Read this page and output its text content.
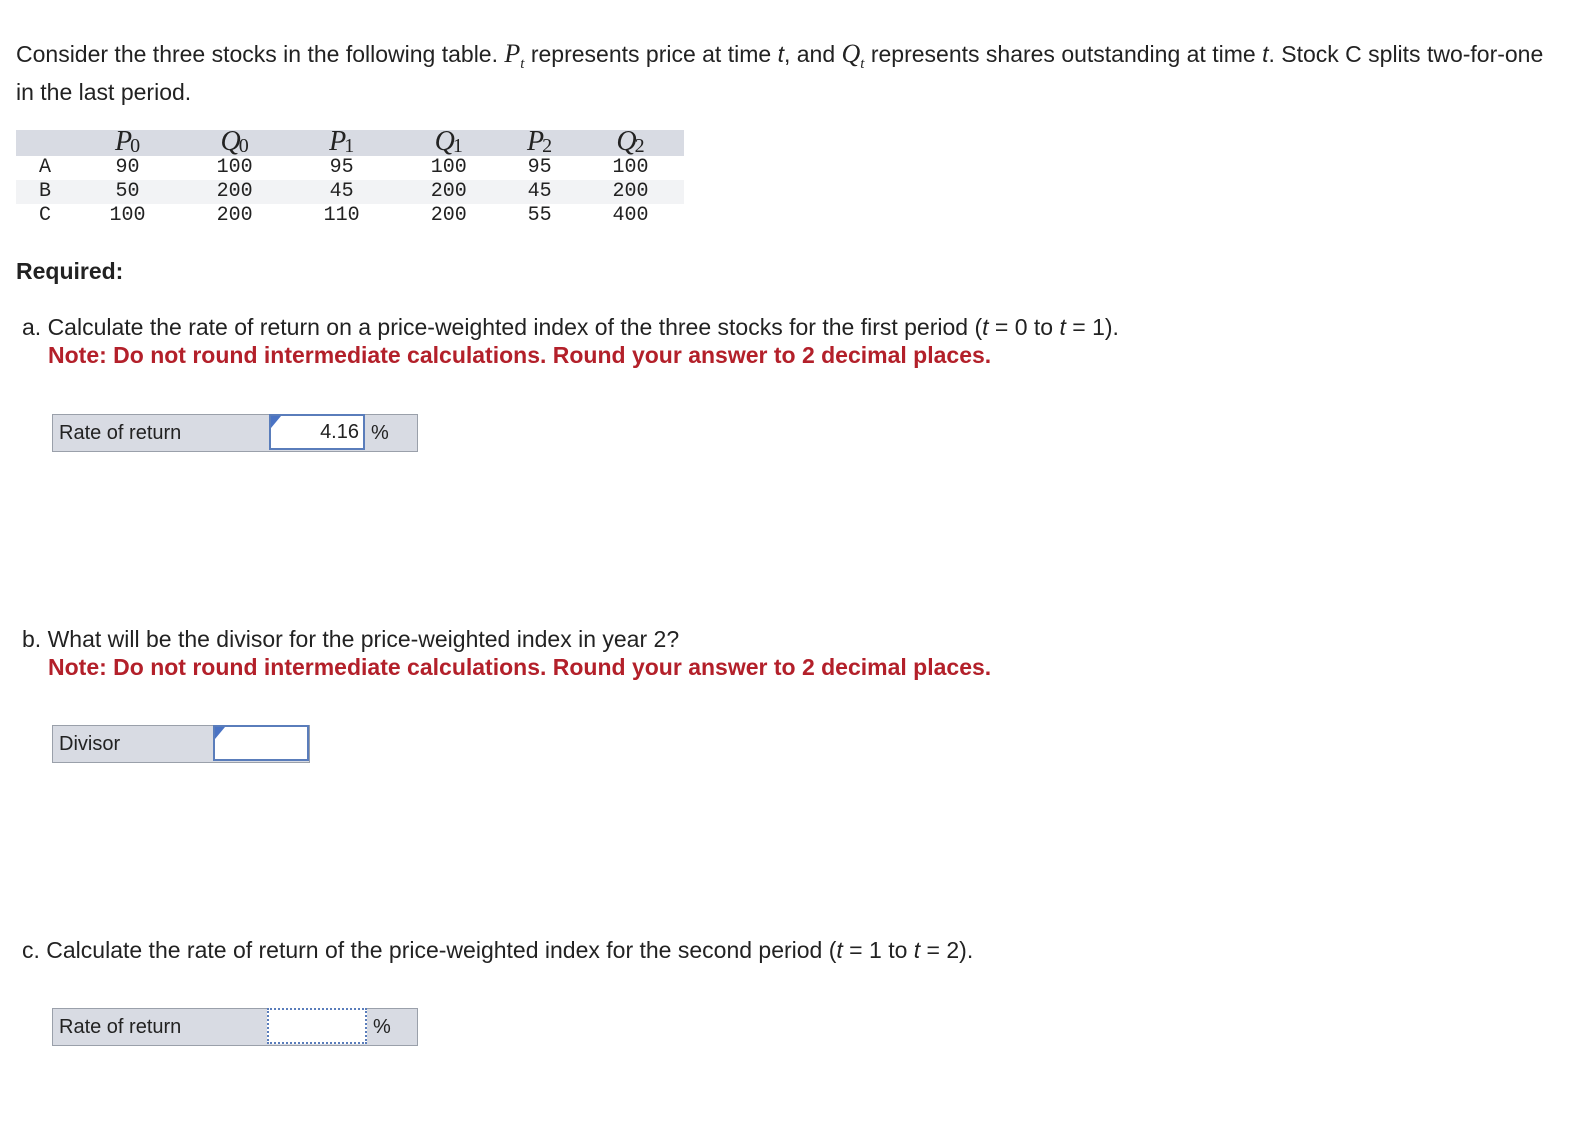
Consider the three stocks in the following table. $P_t$ represents price at time t, and $Q_t$ represents shares outstanding at time t. Stock C splits two-for-one in the last period.
	$P_0$	$Q_0$	$P_1$	$Q_1$	$P_2$	$Q_2$
A	90	100	95	100	95	100
B	50	200	45	200	45	200
C	100	200	110	200	55	400
Required:
a. Calculate the rate of return on a price-weighted index of the three stocks for the first period (t = 0 to t = 1).
Note: Do not round intermediate calculations. Round your answer to 2 decimal places.
Rate of return	4.16 %
b. What will be the divisor for the price-weighted index in year 2?
Note: Do not round intermediate calculations. Round your answer to 2 decimal places.
Divisor
c. Calculate the rate of return of the price-weighted index for the second period (t = 1 to t = 2).
Rate of return	%
